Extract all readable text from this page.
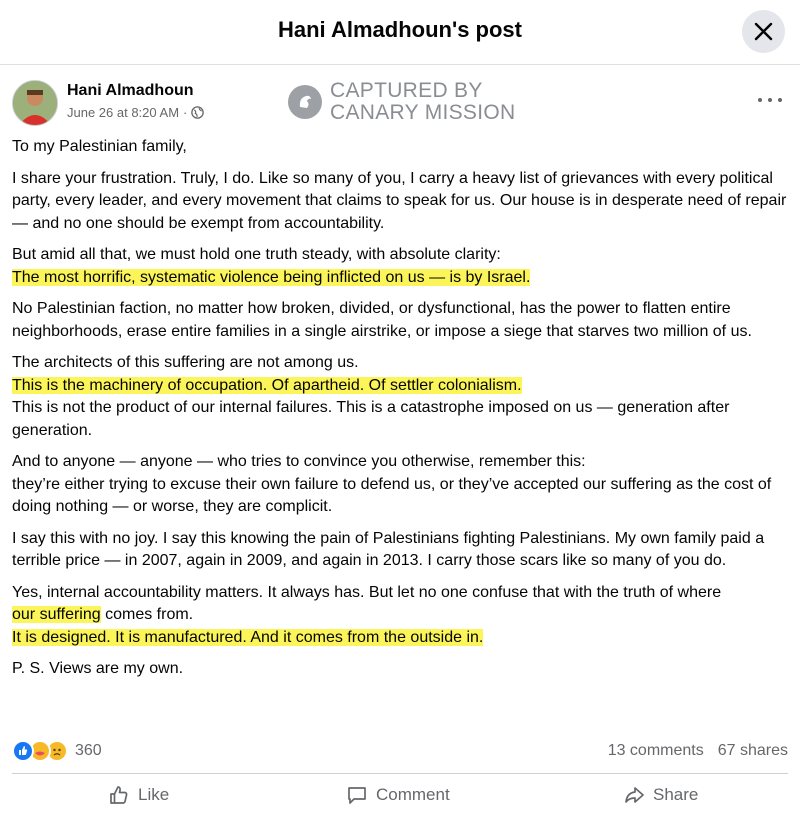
Hani Almadhoun's post
Hani Almadhoun
June 26 at 8:20 AM ·
CAPTURED BY
CANARY MISSION

To my Palestinian family,

I share your frustration. Truly, I do. Like so many of you, I carry a heavy list of grievances with every political party, every leader, and every movement that claims to speak for us. Our house is in desperate need of repair — and no one should be exempt from accountability.

But amid all that, we must hold one truth steady, with absolute clarity:
The most horrific, systematic violence being inflicted on us — is by Israel.

No Palestinian faction, no matter how broken, divided, or dysfunctional, has the power to flatten entire neighborhoods, erase entire families in a single airstrike, or impose a siege that starves two million of us.

The architects of this suffering are not among us.
This is the machinery of occupation. Of apartheid. Of settler colonialism.
This is not the product of our internal failures. This is a catastrophe imposed on us — generation after generation.

And to anyone — anyone — who tries to convince you otherwise, remember this:
they’re either trying to excuse their own failure to defend us, or they’ve accepted our suffering as the cost of doing nothing — or worse, they are complicit.

I say this with no joy. I say this knowing the pain of Palestinians fighting Palestinians. My own family paid a terrible price — in 2007, again in 2009, and again in 2013. I carry those scars like so many of you do.

Yes, internal accountability matters. It always has. But let no one confuse that with the truth of where
our suffering comes from.
It is designed. It is manufactured. And it comes from the outside in.

P. S. Views are my own.

360	13 comments 67 shares
Like	Comment	Share
